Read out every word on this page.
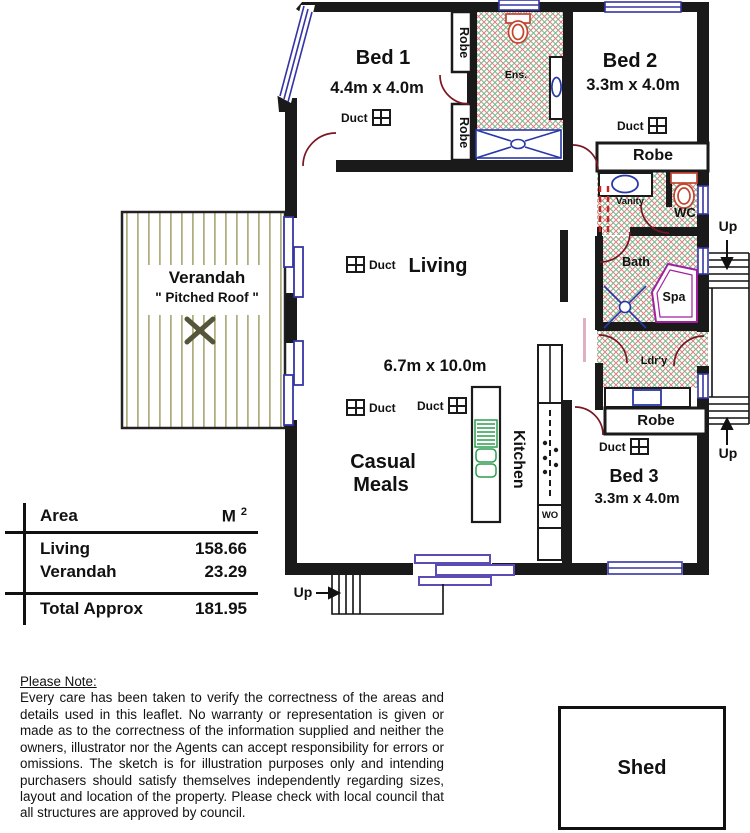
Bed 1
4.4m x 4.0m
Bed 2
3.3m x 4.0m
Bed 3
3.3m x 4.0m
Living
6.7m x 10.0m
Casual
Meals
Ens.
Vanity
WC
Bath
Spa
Ldr'y
Robe
Robe
Robe
Robe
Kitchen
WO
Verandah
" Pitched Roof "
Up
Up
Up
Duct
Duct
Duct
Duct Duct
Duct
Area	M $^2$
Living	158.66
Verandah	23.29
Total Approx	181.95
Please Note:
Every care has been taken to verify the correctness of the areas and details used in this leaflet. No warranty or representation is given or made as to the correctness of the information supplied and neither the owners, illustrator nor the Agents can accept responsibility for errors or omissions. The sketch is for illustration purposes only and intending purchasers should satisfy themselves independently regarding sizes, layout and location of the property. Please check with local council that all structures are approved by council.
Shed
